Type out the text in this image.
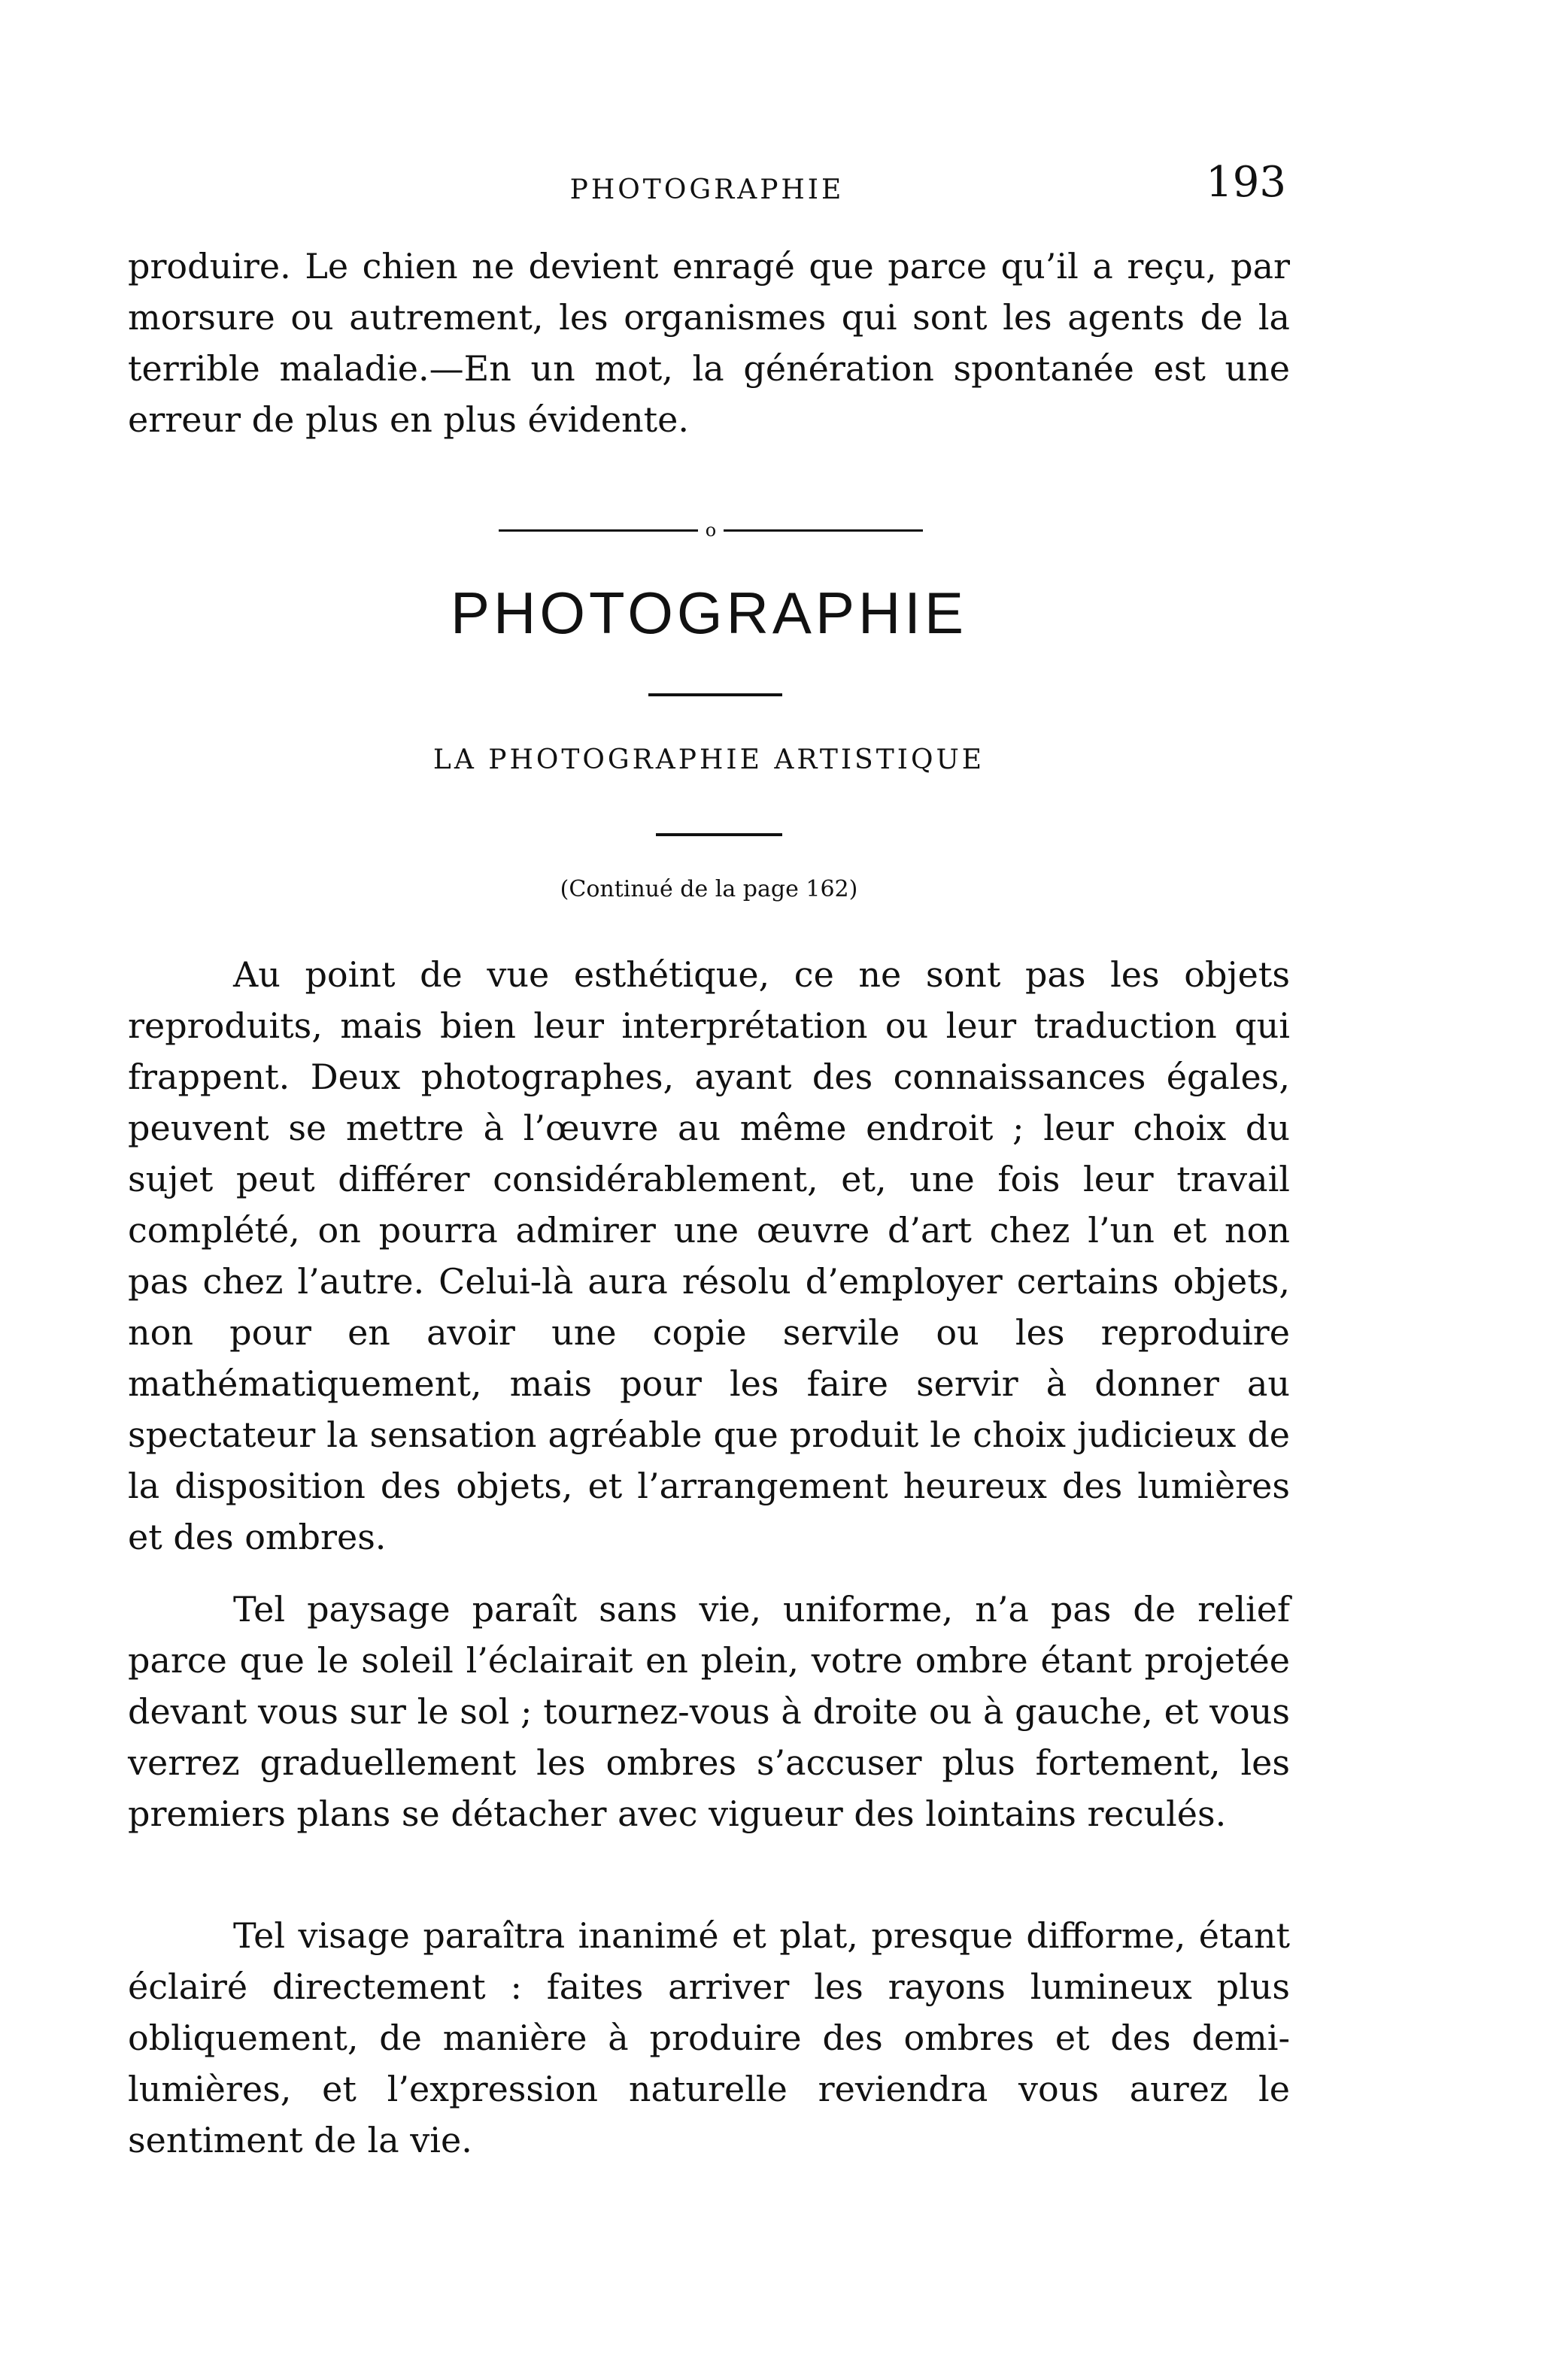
PHOTOGRAPHIE	193

produire. Le chien ne devient enragé que parce qu’il a reçu, par morsure ou autrement, les organismes qui sont les agents de la terrible maladie.—En un mot, la génération spontanée est une erreur de plus en plus évidente.

o
PHOTOGRAPHIE
LA PHOTOGRAPHIE ARTISTIQUE

(Continué de la page 162)

Au point de vue esthétique, ce ne sont pas les objets reproduits, mais bien leur interprétation ou leur traduction qui frappent. Deux photographes, ayant des connaissances égales, peuvent se mettre à l’œuvre au même endroit ; leur choix du sujet peut différer considérablement, et, une fois leur travail complété, on pourra admirer une œuvre d’art chez l’un et non pas chez l’autre. Celui-là aura résolu d’employer certains objets, non pour en avoir une copie servile ou les reproduire mathématiquement, mais pour les faire servir à donner au spectateur la sensation agréable que produit le choix judicieux de la disposition des objets, et l’arrangement heureux des lumières et des ombres.

Tel paysage paraît sans vie, uniforme, n’a pas de relief parce que le soleil l’éclairait en plein, votre ombre étant projetée devant vous sur le sol ; tournez-vous à droite ou à gauche, et vous verrez graduellement les ombres s’accuser plus fortement, les premiers plans se détacher avec vigueur des lointains reculés.

Tel visage paraîtra inanimé et plat, presque difforme, étant éclairé directement : faites arriver les rayons lumineux plus obliquement, de manière à produire des ombres et des demi-lumières, et l’expression naturelle reviendra vous aurez le sentiment de la vie.
